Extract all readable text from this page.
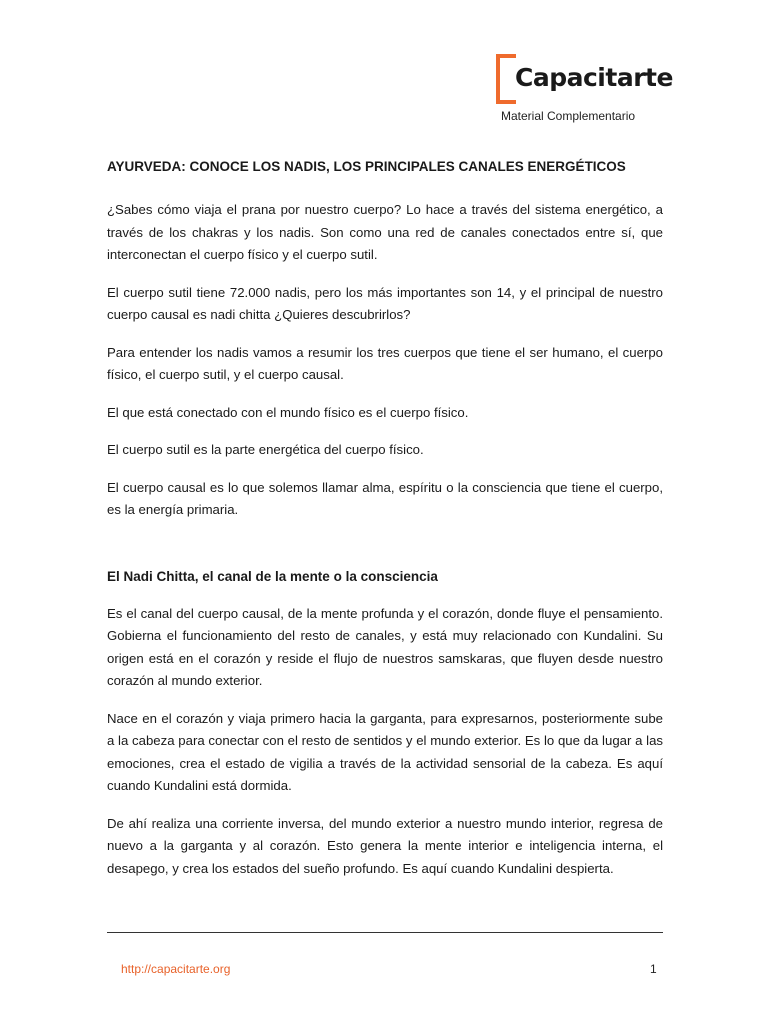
Capacitarte
Material Complementario
AYURVEDA: CONOCE LOS NADIS, LOS PRINCIPALES CANALES ENERGÉTICOS

¿Sabes cómo viaja el prana por nuestro cuerpo? Lo hace a través del sistema energético, a través de los chakras y los nadis. Son como una red de canales conectados entre sí, que interconectan el cuerpo físico y el cuerpo sutil.

El cuerpo sutil tiene 72.000 nadis, pero los más importantes son 14, y el principal de nuestro cuerpo causal es nadi chitta ¿Quieres descubrirlos?

Para entender los nadis vamos a resumir los tres cuerpos que tiene el ser humano, el cuerpo físico, el cuerpo sutil, y el cuerpo causal.

El que está conectado con el mundo físico es el cuerpo físico.

El cuerpo sutil es la parte energética del cuerpo físico.

El cuerpo causal es lo que solemos llamar alma, espíritu o la consciencia que tiene el cuerpo, es la energía primaria.

El Nadi Chitta, el canal de la mente o la consciencia

Es el canal del cuerpo causal, de la mente profunda y el corazón, donde fluye el pensamiento. Gobierna el funcionamiento del resto de canales, y está muy relacionado con Kundalini. Su origen está en el corazón y reside el flujo de nuestros samskaras, que fluyen desde nuestro corazón al mundo exterior.

Nace en el corazón y viaja primero hacia la garganta, para expresarnos, posteriormente sube a la cabeza para conectar con el resto de sentidos y el mundo exterior. Es lo que da lugar a las emociones, crea el estado de vigilia a través de la actividad sensorial de la cabeza. Es aquí cuando Kundalini está dormida.

De ahí realiza una corriente inversa, del mundo exterior a nuestro mundo interior, regresa de nuevo a la garganta y al corazón. Esto genera la mente interior e inteligencia interna, el desapego, y crea los estados del sueño profundo. Es aquí cuando Kundalini despierta.

http://capacitarte.org	1
